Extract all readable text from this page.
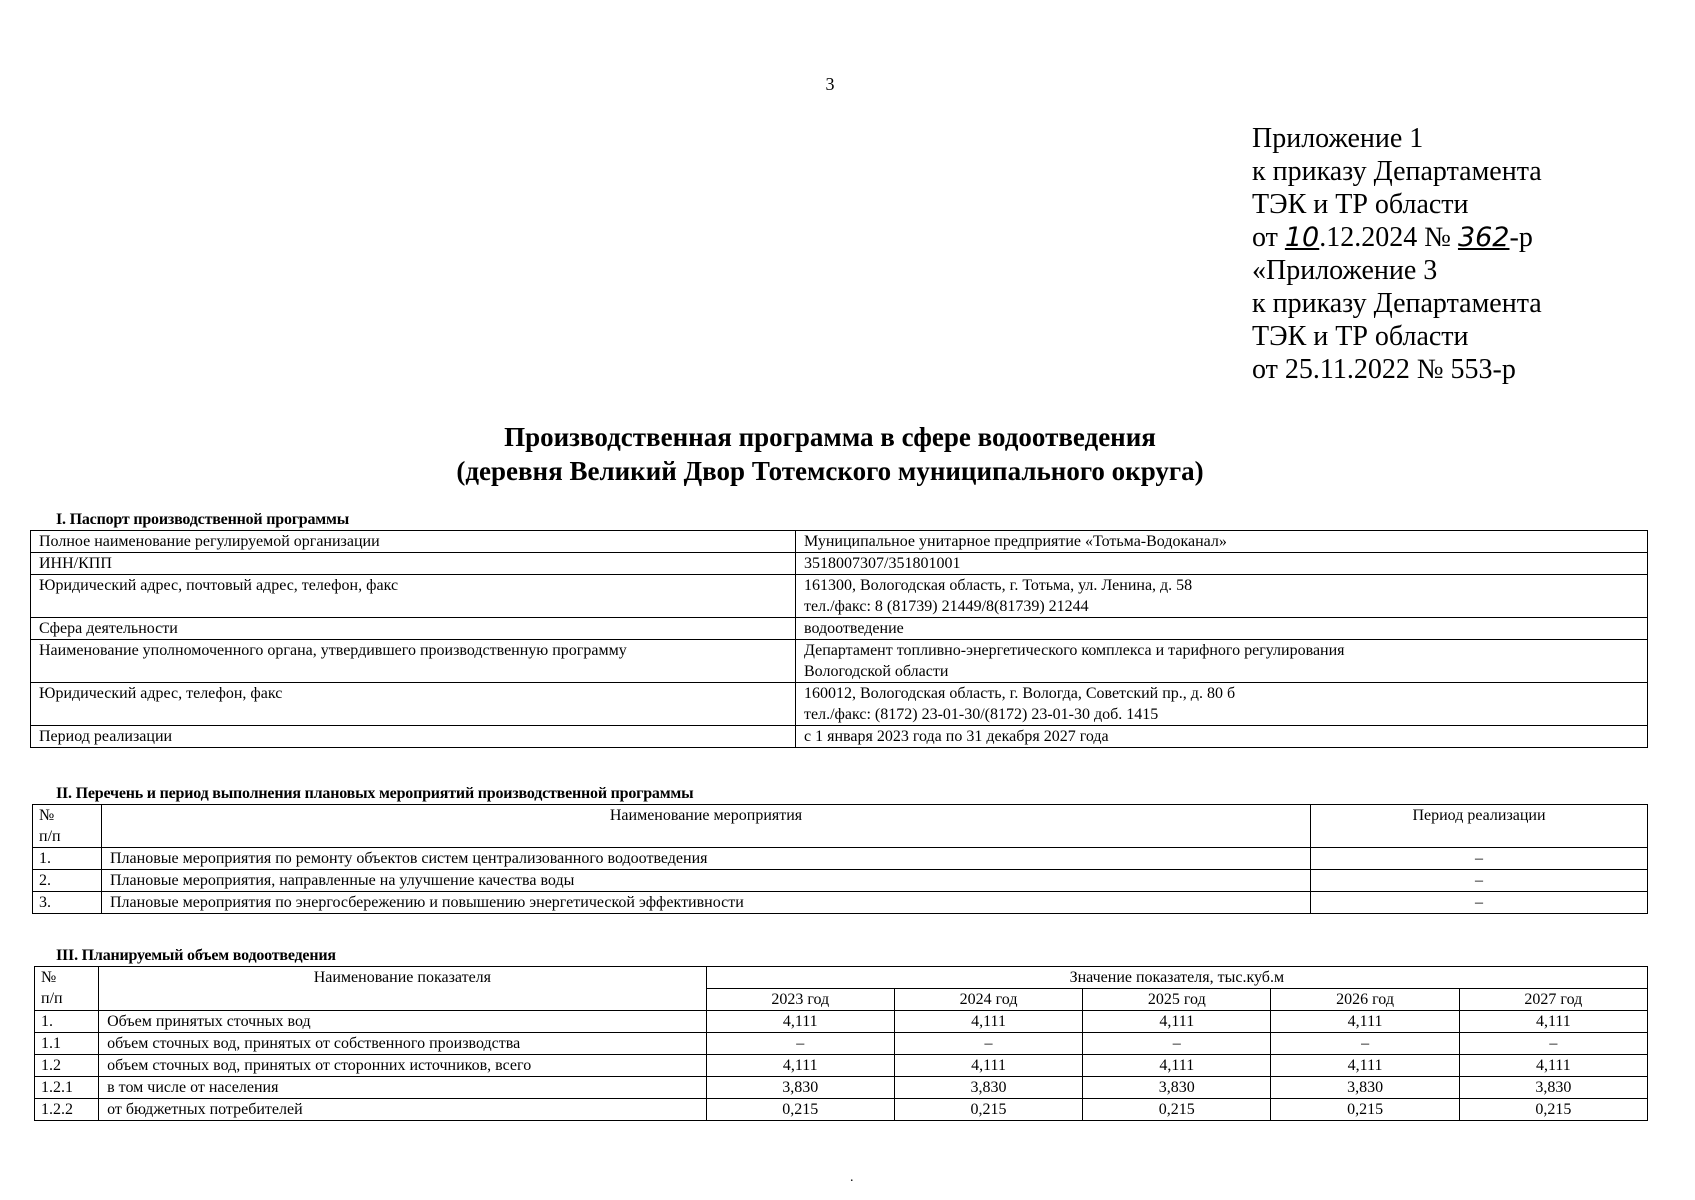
3
Приложение 1
к приказу Департамента
ТЭК и ТР области
от 10.12.2024 № 362-р
«Приложение 3
к приказу Департамента
ТЭК и ТР области
от 25.11.2022 № 553-р
Производственная программа в сфере водоотведения
(деревня Великий Двор Тотемского муниципального округа)
I. Паспорт производственной программы
Полное наименование регулируемой организации	Муниципальное унитарное предприятие «Тотьма-Водоканал»

ИНН/КПП	3518007307/351801001

Юридический адрес, почтовый адрес, телефон, факс	161300, Вологодская область, г. Тотьма, ул. Ленина, д. 58
тел./факс: 8 (81739) 21449/8(81739) 21244

Сфера деятельности	водоотведение

Наименование уполномоченного органа, утвердившего производственную программу	Департамент топливно-энергетического комплекса и тарифного регулирования
Вологодской области

Юридический адрес, телефон, факс	160012, Вологодская область, г. Вологда, Советский пр., д. 80 б
тел./факс: (8172) 23-01-30/(8172) 23-01-30 доб. 1415

Период реализации	с 1 января 2023 года по 31 декабря 2027 года
II. Перечень и период выполнения плановых мероприятий производственной программы
№
п/п	Наименование мероприятия	Период реализации
1.	Плановые мероприятия по ремонту объектов систем централизованного водоотведения	–
2.	Плановые мероприятия, направленные на улучшение качества воды	–
3.	Плановые мероприятия по энергосбережению и повышению энергетической эффективности	–
III. Планируемый объем водоотведения
№
п/п	Наименование показателя	Значение показателя, тыс.куб.м				
		2023 год	2024 год	2025 год	2026 год	2027 год
1.	Объем принятых сточных вод	4,111	4,111	4,111	4,111	4,111
1.1	объем сточных вод, принятых от собственного производства	–	–	–	–	–
1.2	объем сточных вод, принятых от сторонних источников, всего	4,111	4,111	4,111	4,111	4,111
1.2.1	в том числе от населения	3,830	3,830	3,830	3,830	3,830
1.2.2	от бюджетных потребителей	0,215	0,215	0,215	0,215	0,215
.
